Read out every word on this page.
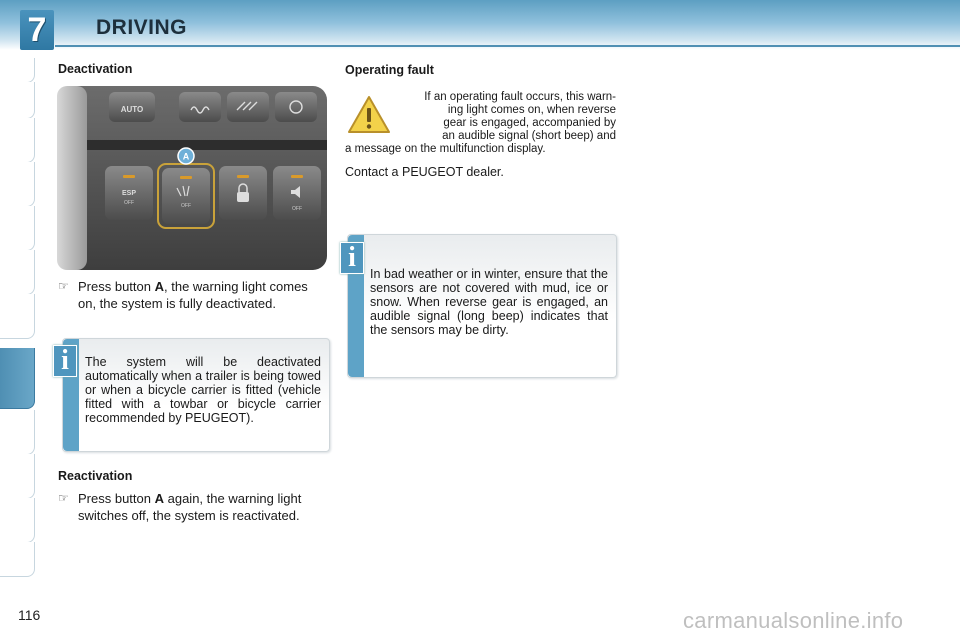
7	DRIVING
Deactivation
AUTO
ESP
OFF	OFF
A
OFF
☞ Press button A, the warning light comes on, the system is fully deactivated.
The system will be deactivated automatically when a trailer is being towed or when a bicycle carrier is fitted (vehicle fitted with a towbar or bicycle carrier recommended by PEUGEOT).
i
Reactivation
☞ Press button A again, the warning light switches off, the system is reactivated.
Operating fault
If an operating fault occurs, this warn-
ing light comes on, when reverse
gear is engaged, accompanied by
an audible signal (short beep) and
a message on the multifunction display.
Contact a PEUGEOT dealer.
In bad weather or in winter, ensure that the sensors are not covered with mud, ice or snow. When reverse gear is engaged, an audible signal (long beep) indicates that the sensors may be dirty.
i
116	carmanualsonline.info
